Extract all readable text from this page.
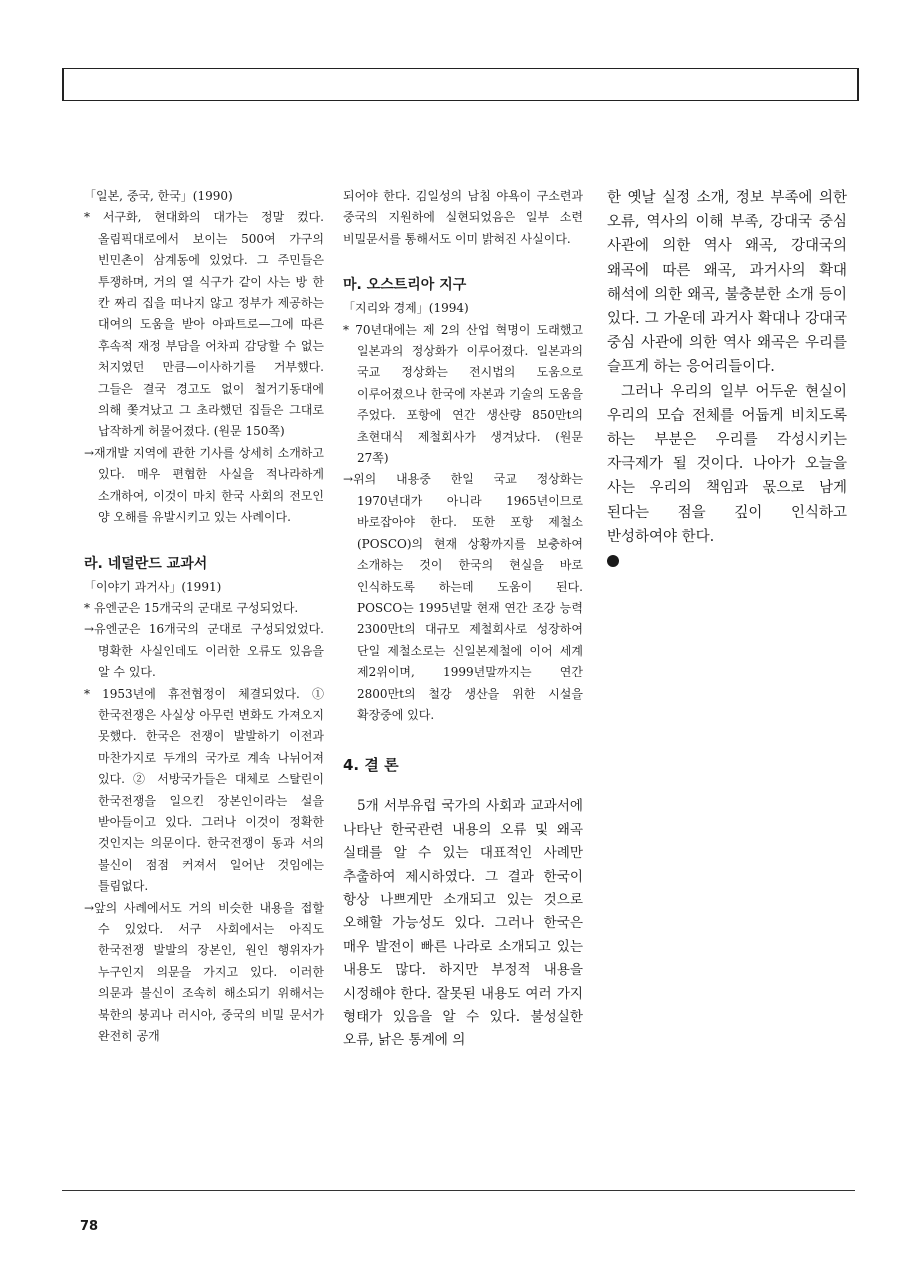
「일본, 중국, 한국」(1990)

* 서구화, 현대화의 대가는 정말 컸다. 올림픽대로에서 보이는 500여 가구의 빈민촌이 삼계동에 있었다. 그 주민들은 투쟁하며, 거의 열 식구가 같이 사는 방 한 칸 짜리 집을 떠나지 않고 정부가 제공하는 대여의 도움을 받아 아파트로—그에 따른 후속적 재정 부담을 어차피 감당할 수 없는 처지였던 만큼—이사하기를 거부했다. 그들은 결국 경고도 없이 철거기동대에 의해 쫓겨났고 그 초라했던 집들은 그대로 납작하게 허물어졌다. (원문 150쪽)

→재개발 지역에 관한 기사를 상세히 소개하고 있다. 매우 편협한 사실을 적나라하게 소개하여, 이것이 마치 한국 사회의 전모인 양 오해를 유발시키고 있는 사례이다.

라. 네덜란드 교과서

「이야기 과거사」(1991)

* 유엔군은 15개국의 군대로 구성되었다.

→유엔군은 16개국의 군대로 구성되었었다. 명확한 사실인데도 이러한 오류도 있음을 알 수 있다.

* 1953년에 휴전협정이 체결되었다. ① 한국전쟁은 사실상 아무런 변화도 가져오지 못했다. 한국은 전쟁이 발발하기 이전과 마찬가지로 두개의 국가로 계속 나뉘어져 있다. ② 서방국가들은 대체로 스탈린이 한국전쟁을 일으킨 장본인이라는 설을 받아들이고 있다. 그러나 이것이 정확한 것인지는 의문이다. 한국전쟁이 동과 서의 불신이 점점 커져서 일어난 것임에는 틀림없다.

→앞의 사례에서도 거의 비슷한 내용을 접할 수 있었다. 서구 사회에서는 아직도 한국전쟁 발발의 장본인, 원인 행위자가 누구인지 의문을 가지고 있다. 이러한 의문과 불신이 조속히 해소되기 위해서는 북한의 붕괴나 러시아, 중국의 비밀 문서가 완전히 공개

되어야 한다. 김일성의 남침 야욕이 구소련과 중국의 지원하에 실현되었음은 일부 소련 비밀문서를 통해서도 이미 밝혀진 사실이다.

마. 오스트리아 지구

「지리와 경제」(1994)

* 70년대에는 제 2의 산업 혁명이 도래했고 일본과의 정상화가 이루어졌다. 일본과의 국교 정상화는 전시법의 도움으로 이루어졌으나 한국에 자본과 기술의 도움을 주었다. 포항에 연간 생산량 850만t의 초현대식 제철회사가 생겨났다. (원문 27쪽)

→위의 내용중 한일 국교 정상화는 1970년대가 아니라 1965년이므로 바로잡아야 한다. 또한 포항 제철소(POSCO)의 현재 상황까지를 보충하여 소개하는 것이 한국의 현실을 바로 인식하도록 하는데 도움이 된다. POSCO는 1995년말 현재 연간 조강 능력 2300만t의 대규모 제철회사로 성장하여 단일 제철소로는 신일본제철에 이어 세계 제2위이며, 1999년말까지는 연간 2800만t의 철강 생산을 위한 시설을 확장중에 있다.

4. 결 론

5개 서부유럽 국가의 사회과 교과서에 나타난 한국관련 내용의 오류 및 왜곡 실태를 알 수 있는 대표적인 사례만 추출하여 제시하였다. 그 결과 한국이 항상 나쁘게만 소개되고 있는 것으로 오해할 가능성도 있다. 그러나 한국은 매우 발전이 빠른 나라로 소개되고 있는 내용도 많다. 하지만 부정적 내용을 시정해야 한다. 잘못된 내용도 여러 가지 형태가 있음을 알 수 있다. 불성실한 오류, 낡은 통계에 의

한 옛날 실정 소개, 정보 부족에 의한 오류, 역사의 이해 부족, 강대국 중심 사관에 의한 역사 왜곡, 강대국의 왜곡에 따른 왜곡, 과거사의 확대 해석에 의한 왜곡, 불충분한 소개 등이 있다. 그 가운데 과거사 확대나 강대국 중심 사관에 의한 역사 왜곡은 우리를 슬프게 하는 응어리들이다.

그러나 우리의 일부 어두운 현실이 우리의 모습 전체를 어둡게 비치도록 하는 부분은 우리를 각성시키는 자극제가 될 것이다. 나아가 오늘을 사는 우리의 책임과 몫으로 남게 된다는 점을 깊이 인식하고 반성하여야 한다.

78
